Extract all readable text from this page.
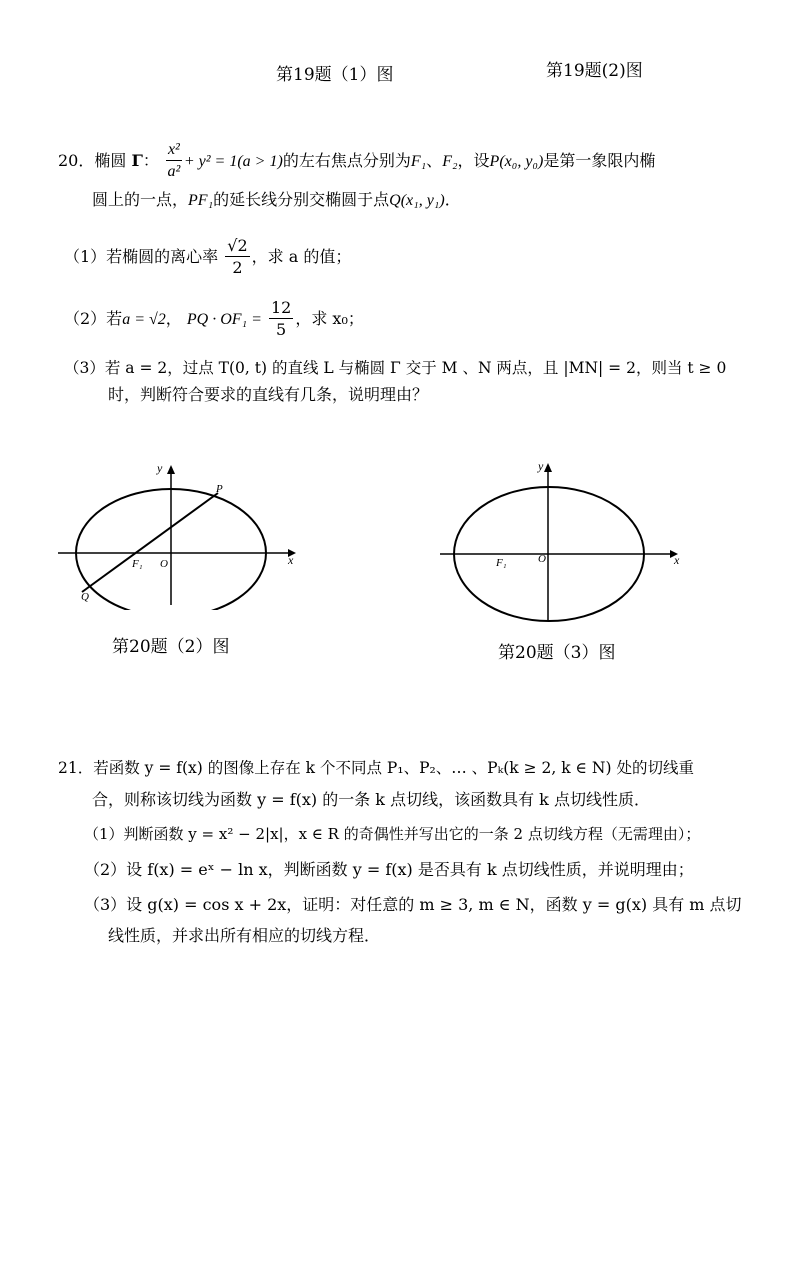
第19题（1）图	第19题(2)图
20．椭圆 Γ： $\frac{\text{x²}}{\text{a²}} + y^2 = 1(a > 1)$的左右焦点分别为F₁、F₂，设P(x₀, y₀)是第一象限内椭
圆上的一点，PF₁的延长线分别交椭圆于点Q(x₁, y₁)．
（1）若椭圆的离心率 $\frac{√2}{2}$ ，求 a 的值；
（2）若a = √2， PQ · $OF_1 = \frac{12}{5}$ ，求 x₀；
（3）若 a = 2，过点 T(0, t) 的直线 L 与椭圆 Γ 交于 M 、N 两点，且 |MN| = 2，则当 t ≥ 0
时，判断符合要求的直线有几条，说明理由？
y
x
P
Q
F₁ O
第20题（2）图
y
x
F₁	O
第20题（3）图
21．若函数 y = f(x) 的图像上存在 k 个不同点 P₁、P₂、… 、Pₖ(k ≥ 2, k ∈ N) 处的切线重
合，则称该切线为函数 y = f(x) 的一条 k 点切线，该函数具有 k 点切线性质．
（1）判断函数 y = x² − 2|x|，x ∈ R 的奇偶性并写出它的一条 2 点切线方程（无需理由）；
（2）设 f(x) = eˣ − ln x，判断函数 y = f(x) 是否具有 k 点切线性质，并说明理由；
（3）设 g(x) = cos x + 2x，证明：对任意的 m ≥ 3, m ∈ N，函数 y = g(x) 具有 m 点切
线性质，并求出所有相应的切线方程．
